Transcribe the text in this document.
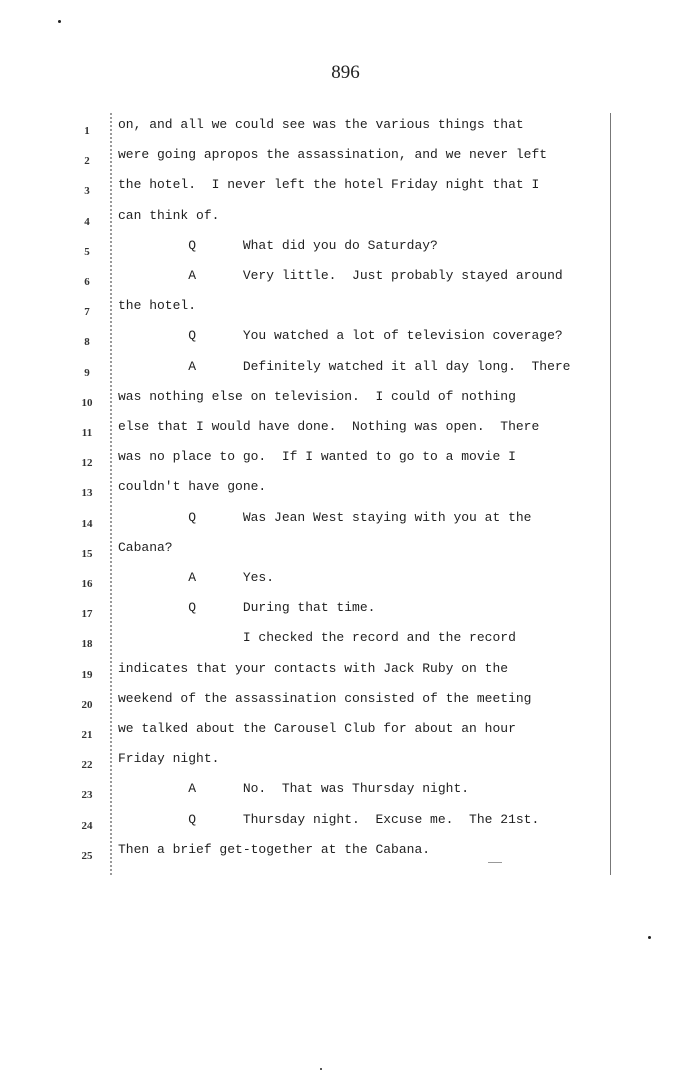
896
1	on, and all we could see was the various things that
2	were going apropos the assassination, and we never left
3	the hotel.  I never left the hotel Friday night that I
4	can think of.
5	Q      What did you do Saturday?
6	A      Very little.  Just probably stayed around
7	the hotel.
8	Q      You watched a lot of television coverage?
9	A      Definitely watched it all day long.  There
10	was nothing else on television.  I could of nothing
11	else that I would have done.  Nothing was open.  There
12	was no place to go.  If I wanted to go to a movie I
13	couldn't have gone.
14	Q      Was Jean West staying with you at the
15	Cabana?
16	A      Yes.
17	Q      During that time.
18	I checked the record and the record
19	indicates that your contacts with Jack Ruby on the
20	weekend of the assassination consisted of the meeting
21	we talked about the Carousel Club for about an hour
22	Friday night.
23	A      No.  That was Thursday night.
24	Q      Thursday night.  Excuse me.  The 21st.
25	Then a brief get-together at the Cabana.
